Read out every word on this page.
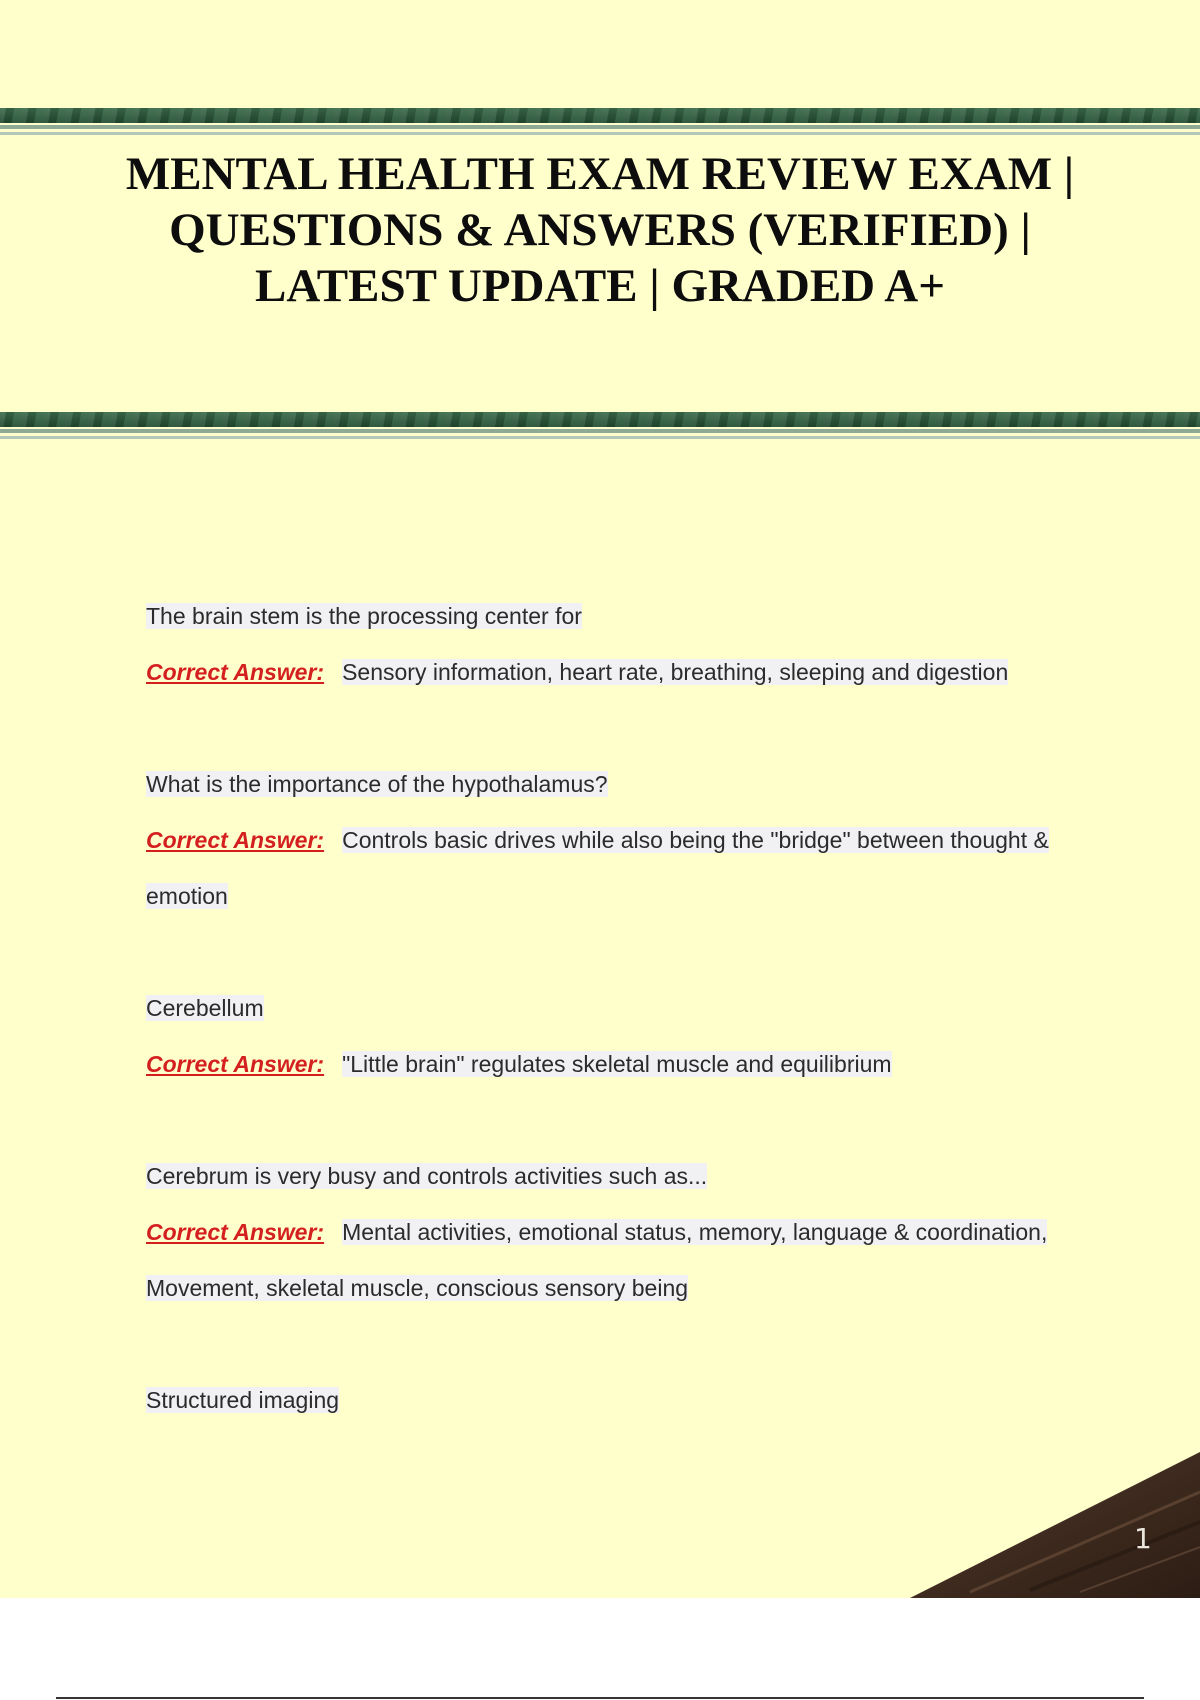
MENTAL HEALTH EXAM REVIEW EXAM | QUESTIONS & ANSWERS (VERIFIED) | LATEST UPDATE | GRADED A+

The brain stem is the processing center for

Correct Answer: Sensory information, heart rate, breathing, sleeping and digestion

What is the importance of the hypothalamus?

Correct Answer: Controls basic drives while also being the "bridge" between thought & emotion

Cerebellum

Correct Answer: "Little brain" regulates skeletal muscle and equilibrium

Cerebrum is very busy and controls activities such as...

Correct Answer: Mental activities, emotional status, memory, language & coordination, Movement, skeletal muscle, conscious sensory being

Structured imaging

1
